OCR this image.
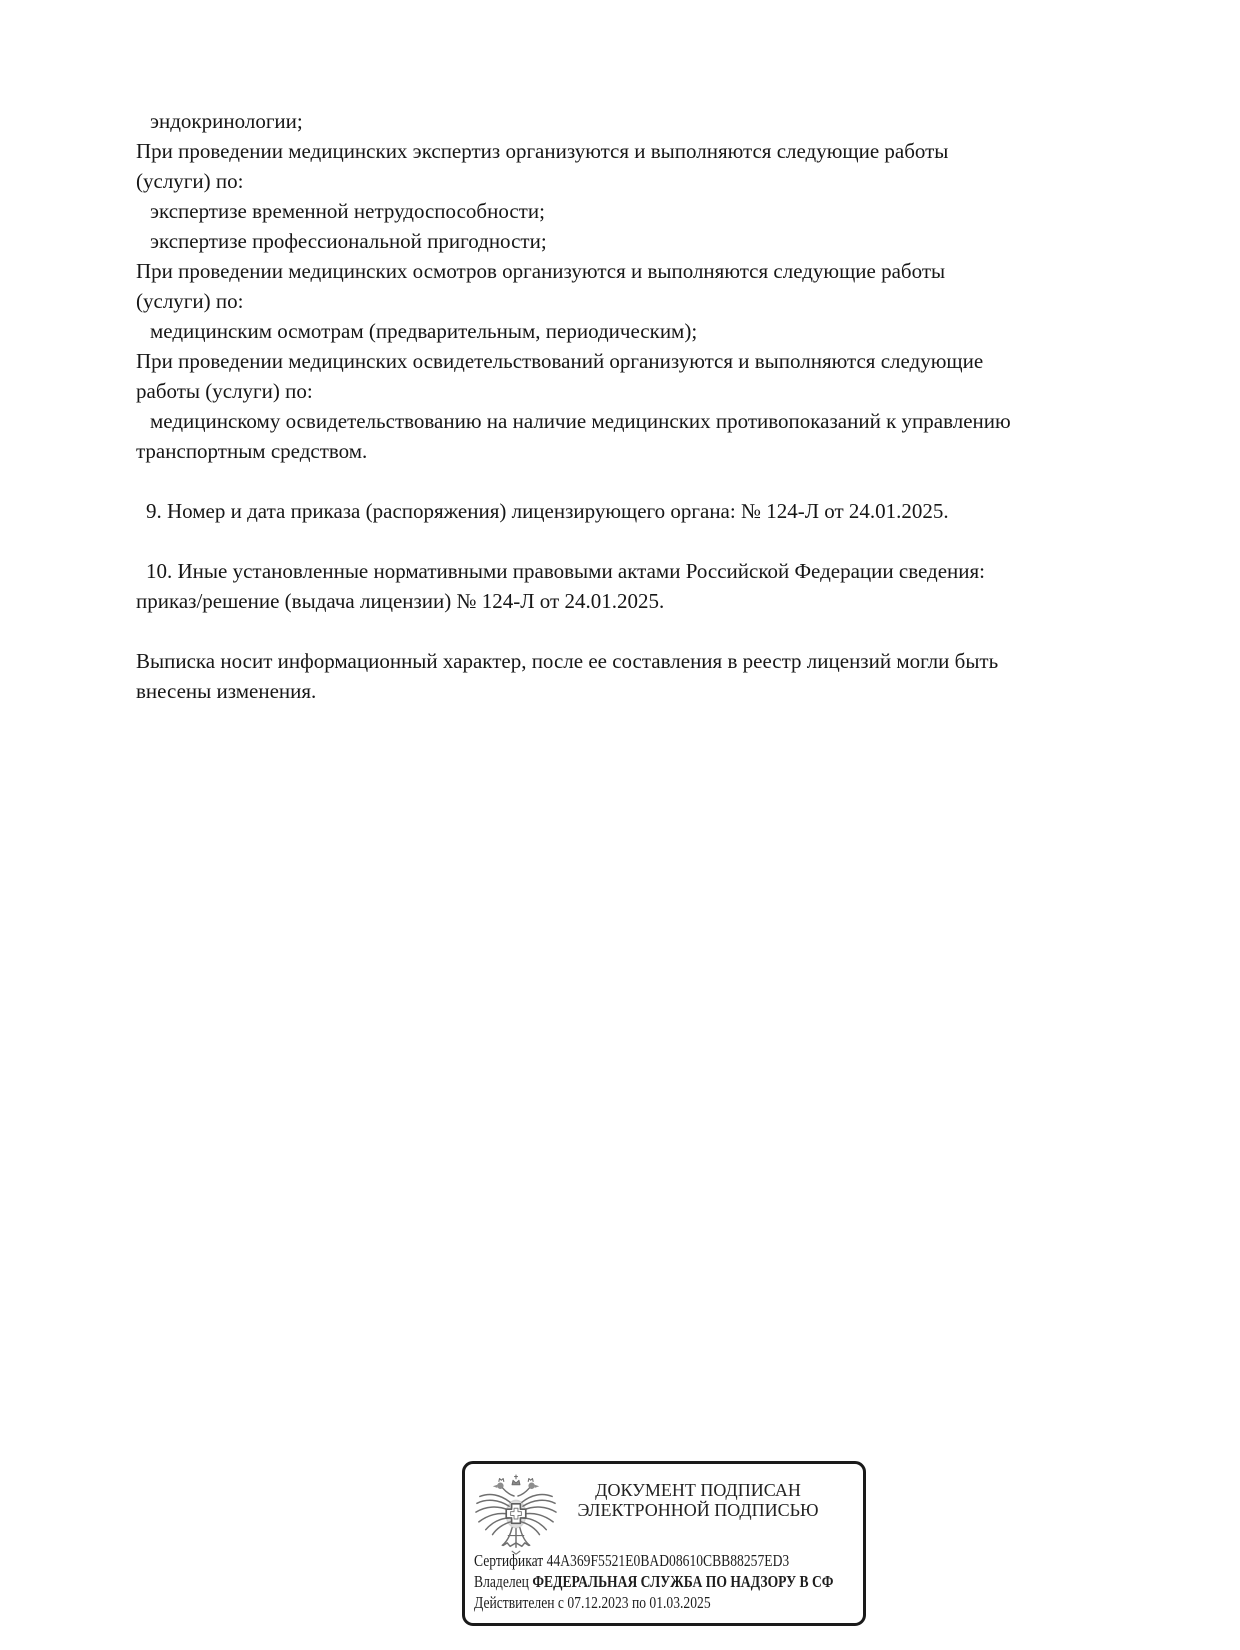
эндокринологии;
При проведении медицинских экспертиз организуются и выполняются следующие работы
(услуги) по:
экспертизе временной нетрудоспособности;
экспертизе профессиональной пригодности;
При проведении медицинских осмотров организуются и выполняются следующие работы
(услуги) по:
медицинским осмотрам (предварительным, периодическим);
При проведении медицинских освидетельствований организуются и выполняются следующие
работы (услуги) по:
медицинскому освидетельствованию на наличие медицинских противопоказаний к управлению
транспортным средством.
9. Номер и дата приказа (распоряжения) лицензирующего органа: № 124-Л от 24.01.2025.
10. Иные установленные нормативными правовыми актами Российской Федерации сведения:
приказ/решение (выдача лицензии) № 124-Л от 24.01.2025.
Выписка носит информационный характер, после ее составления в реестр лицензий могли быть
внесены изменения.
ДОКУМЕНТ ПОДПИСАН
ЭЛЕКТРОННОЙ ПОДПИСЬЮ
Сертификат 44A369F5521E0BAD08610CBB88257ED3
Владелец ФЕДЕРАЛЬНАЯ СЛУЖБА ПО НАДЗОРУ В СФ
Действителен с 07.12.2023 по 01.03.2025
